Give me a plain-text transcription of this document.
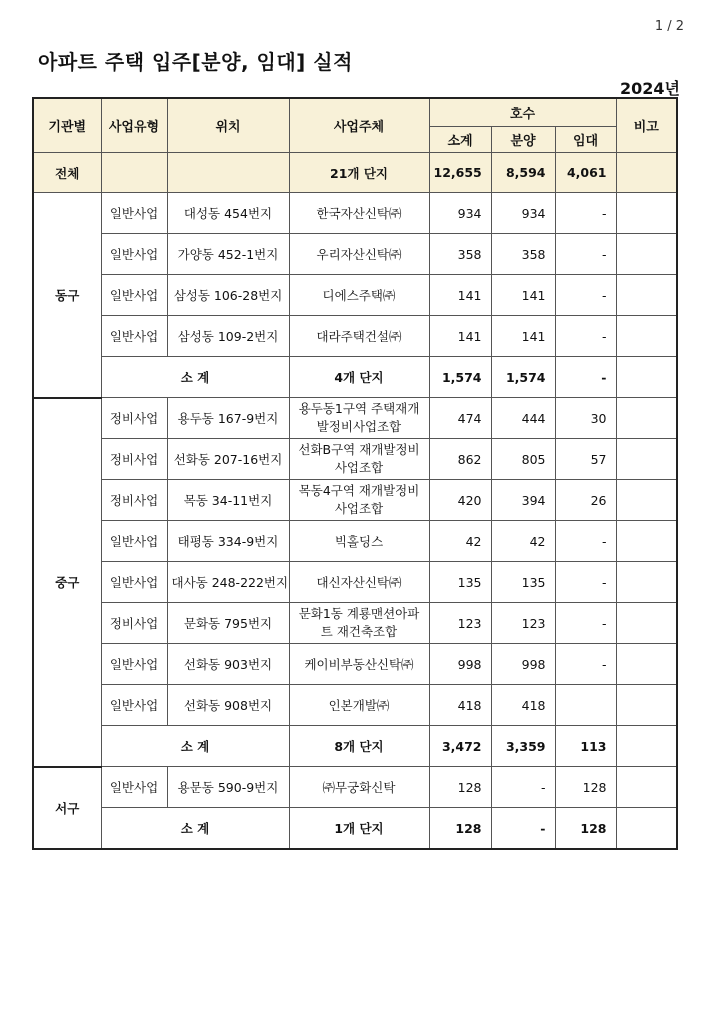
1 / 2
아파트 주택 입주[분양, 임대] 실적
2024년
기관별	사업유형	위치	사업주체	호수			비고
				소계	분양	임대	
전체			21개 단지	12,655	8,594	4,061	
동구	일반사업	대성동 454번지	한국자산신탁㈜	934	934	-	
	일반사업	가양동 452-1번지	우리자산신탁㈜	358	358	-	
	일반사업	삼성동 106-28번지	디에스주택㈜	141	141	-	
	일반사업	삼성동 109-2번지	대라주택건설㈜	141	141	-	
	소 계		4개 단지	1,574	1,574	-	
중구	정비사업	용두동 167-9번지	용두동1구역 주택재개발정비사업조합	474	444	30	
	정비사업	선화동 207-16번지	선화B구역 재개발정비사업조합	862	805	57	
	정비사업	목동 34-11번지	목동4구역 재개발정비사업조합	420	394	26	
	일반사업	태평동 334-9번지	빅홀딩스	42	42	-	
	일반사업	대사동 248-222번지	대신자산신탁㈜	135	135	-	
	정비사업	문화동 795번지	문화1동 계룡맨션아파트 재건축조합	123	123	-	
	일반사업	선화동 903번지	케이비부동산신탁㈜	998	998	-	
	일반사업	선화동 908번지	인본개발㈜	418	418		
	소 계		8개 단지	3,472	3,359	113	
서구	일반사업	용문동 590-9번지	㈜무궁화신탁	128	-	128	
	소 계		1개 단지	128	-	128	
